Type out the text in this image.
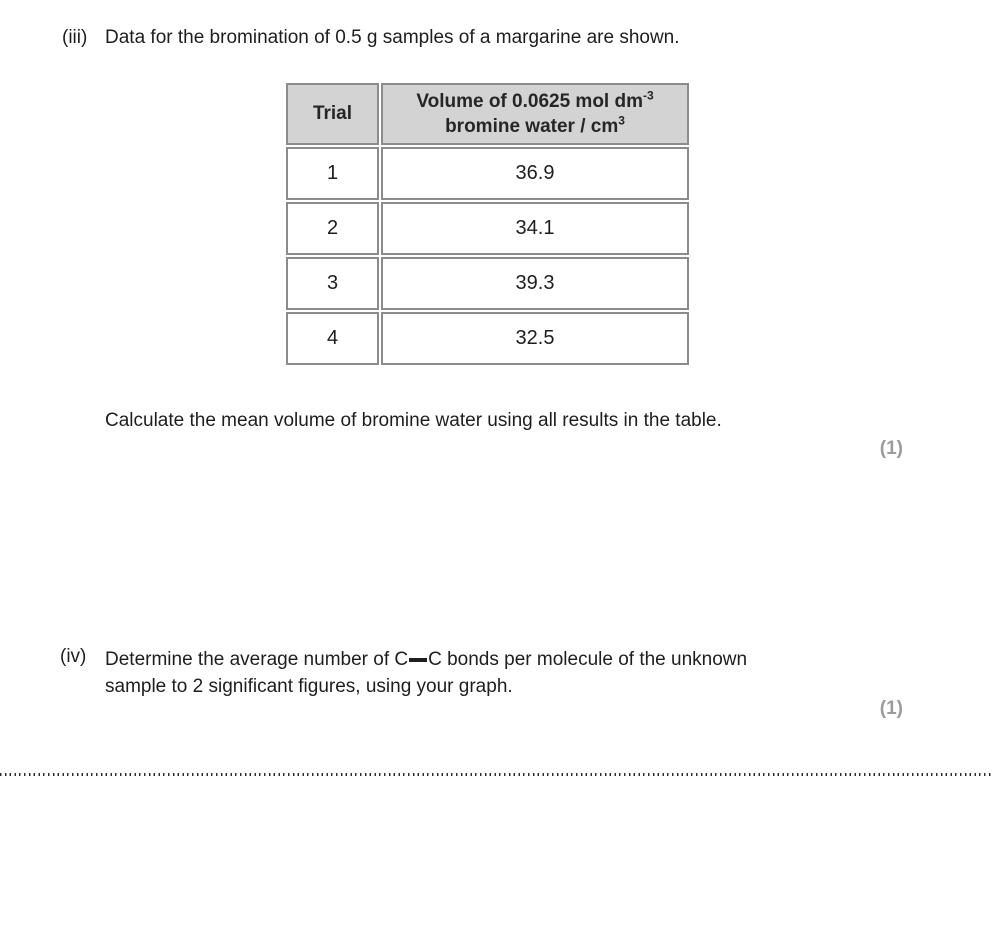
(iii) Data for the bromination of 0.5 g samples of a margarine are shown.
Trial	Volume of 0.0625 mol $dm^{-3}$
bromine water / $cm^3$
1	36.9
2	34.1
3	39.3
4	32.5
Calculate the mean volume of bromine water using all results in the table.
(1)
(iv) Determine the average number of C C bonds per molecule of the unknown
sample to 2 significant figures, using your graph.
(1)
